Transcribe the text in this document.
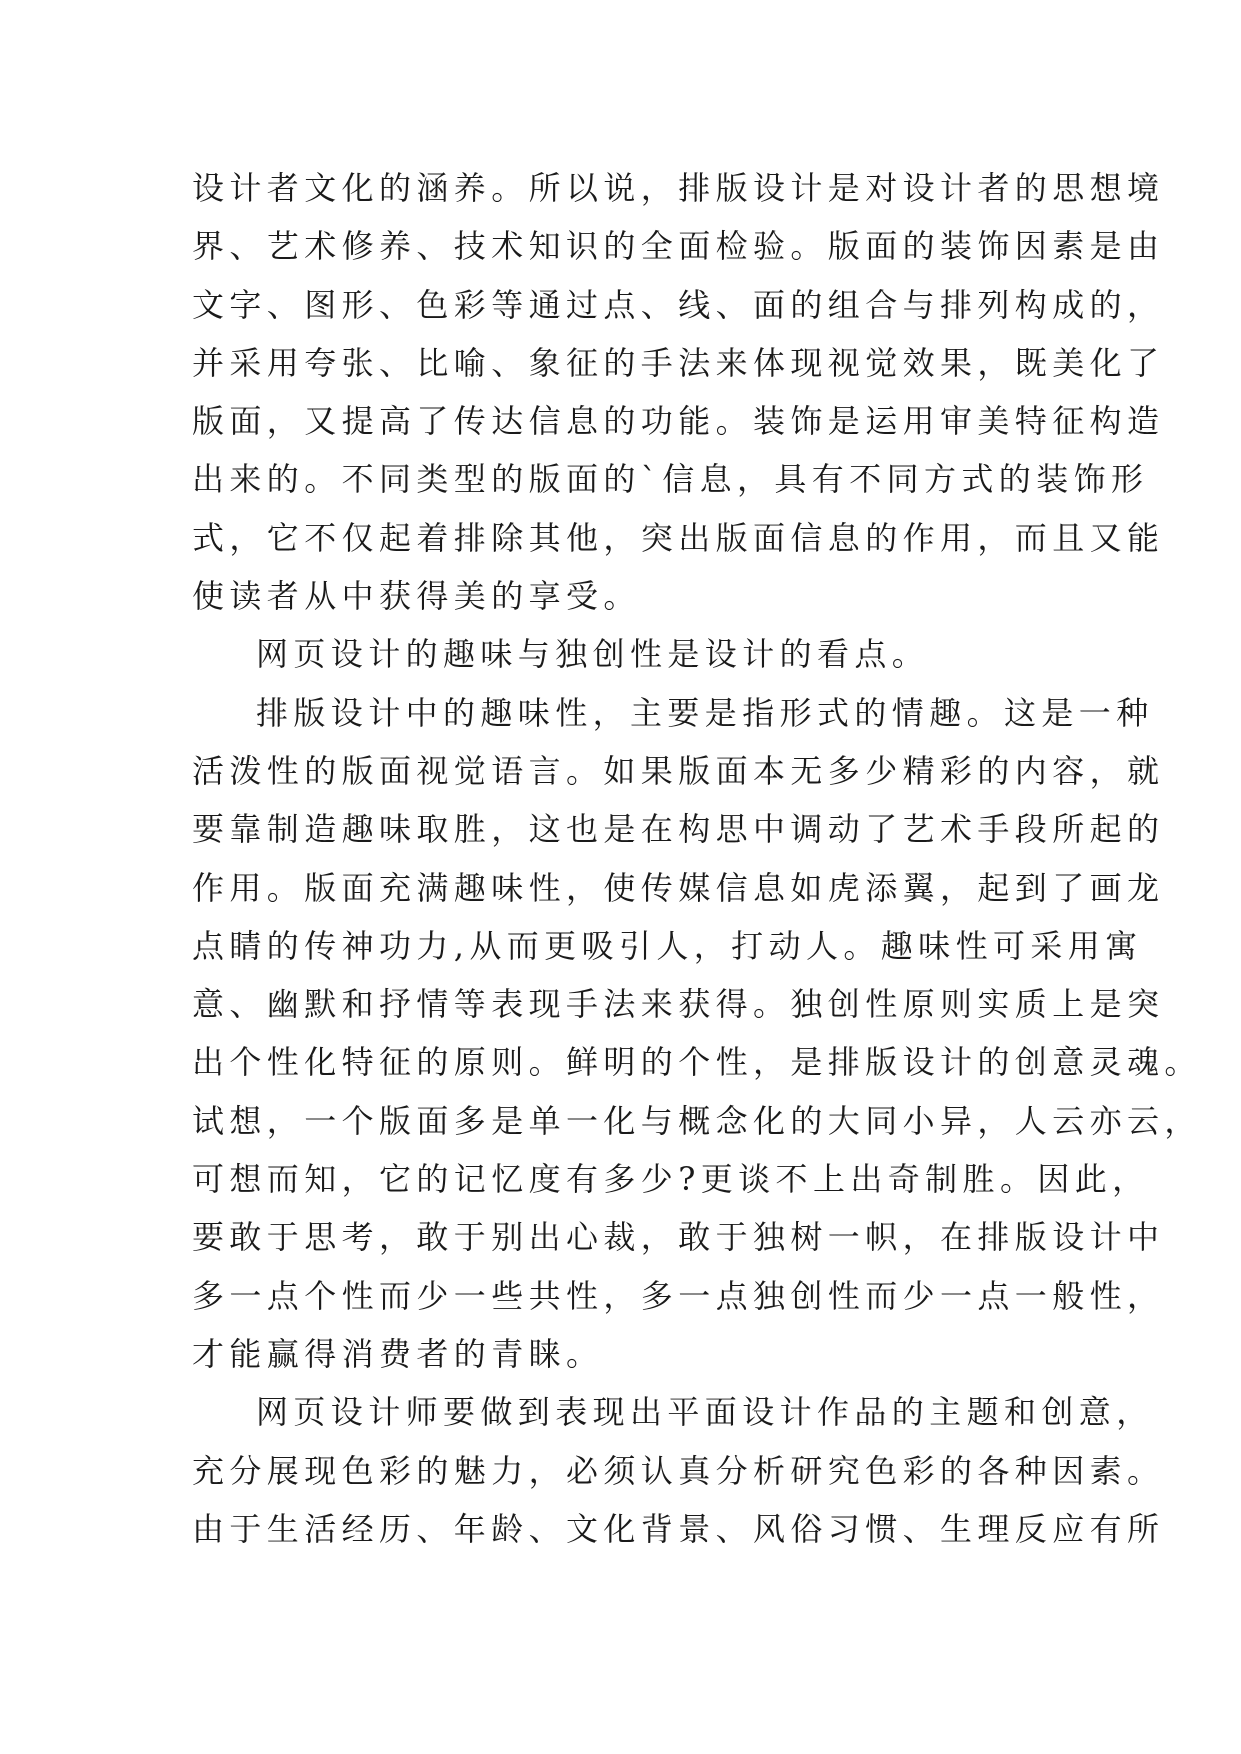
设计者文化的涵养。所以说，排版设计是对设计者的思想境
界、艺术修养、技术知识的全面检验。版面的装饰因素是由
文字、图形、色彩等通过点、线、面的组合与排列构成的，
并采用夸张、比喻、象征的手法来体现视觉效果，既美化了
版面，又提高了传达信息的功能。装饰是运用审美特征构造
出来的。不同类型的版面的`信息，具有不同方式的装饰形
式，它不仅起着排除其他，突出版面信息的作用，而且又能
使读者从中获得美的享受。
网页设计的趣味与独创性是设计的看点。
排版设计中的趣味性，主要是指形式的情趣。这是一种
活泼性的版面视觉语言。如果版面本无多少精彩的内容，就
要靠制造趣味取胜，这也是在构思中调动了艺术手段所起的
作用。版面充满趣味性，使传媒信息如虎添翼，起到了画龙
点睛的传神功力,从而更吸引人，打动人。趣味性可采用寓
意、幽默和抒情等表现手法来获得。独创性原则实质上是突
出个性化特征的原则。鲜明的个性，是排版设计的创意灵魂。
试想，一个版面多是单一化与概念化的大同小异，人云亦云，
可想而知，它的记忆度有多少?更谈不上出奇制胜。因此，
要敢于思考，敢于别出心裁，敢于独树一帜，在排版设计中
多一点个性而少一些共性，多一点独创性而少一点一般性，
才能赢得消费者的青睐。
网页设计师要做到表现出平面设计作品的主题和创意，
充分展现色彩的魅力，必须认真分析研究色彩的各种因素。
由于生活经历、年龄、文化背景、风俗习惯、生理反应有所
